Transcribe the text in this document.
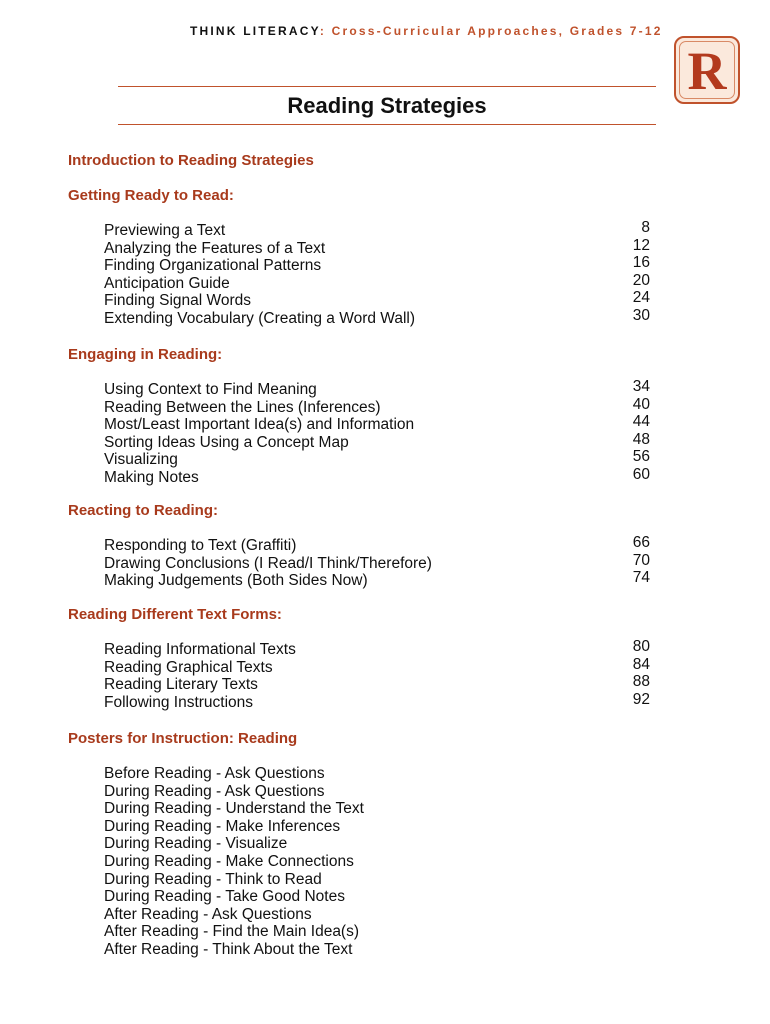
THINK LITERACY: Cross-Curricular Approaches, Grades 7-12
R
Reading Strategies
Introduction to Reading Strategies
Getting Ready to Read:
Previewing a Text	8
Analyzing the Features of a Text	12
Finding Organizational Patterns	16
Anticipation Guide	20
Finding Signal Words	24
Extending Vocabulary (Creating a Word Wall)	30
Engaging in Reading:
Using Context to Find Meaning	34
Reading Between the Lines (Inferences)	40
Most/Least Important Idea(s) and Information	44
Sorting Ideas Using a Concept Map	48
Visualizing	56
Making Notes	60
Reacting to Reading:
Responding to Text (Graffiti)	66
Drawing Conclusions (I Read/I Think/Therefore)	70
Making Judgements (Both Sides Now)	74
Reading Different Text Forms:
Reading Informational Texts	80
Reading Graphical Texts	84
Reading Literary Texts	88
Following Instructions	92
Posters for Instruction: Reading
Before Reading - Ask Questions
During Reading - Ask Questions
During Reading - Understand the Text
During Reading - Make Inferences
During Reading - Visualize
During Reading - Make Connections
During Reading - Think to Read
During Reading - Take Good Notes
After Reading - Ask Questions
After Reading - Find the Main Idea(s)
After Reading - Think About the Text
